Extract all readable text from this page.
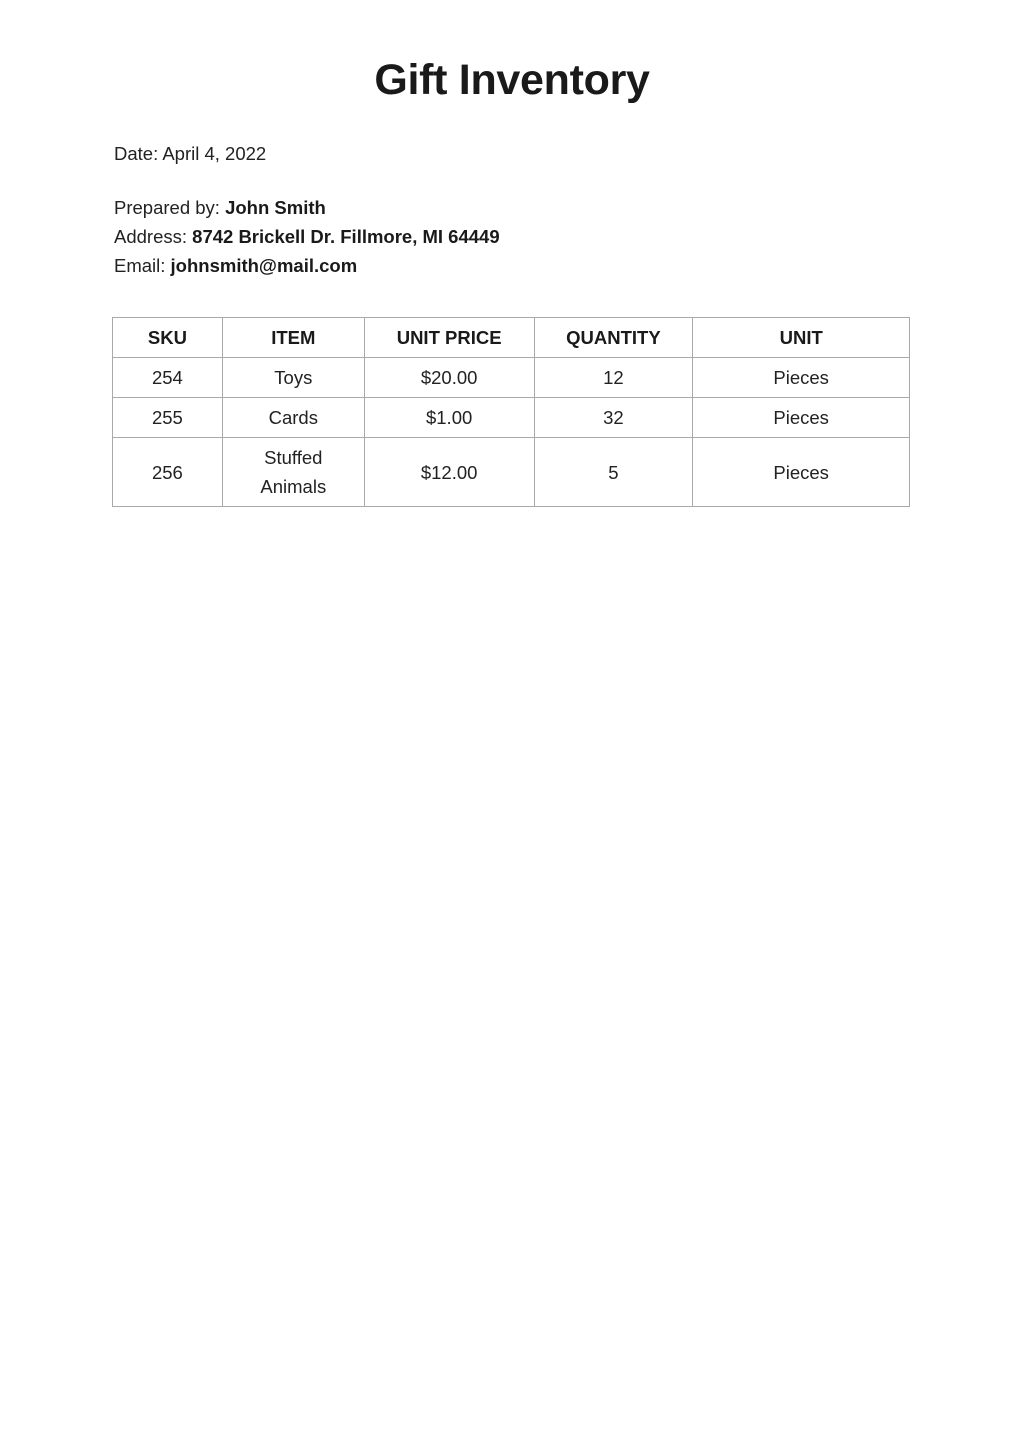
Gift Inventory
Date: April 4, 2022
Prepared by: John Smith
Address: 8742 Brickell Dr. Fillmore, MI 64449
Email: johnsmith@mail.com
SKU	ITEM	UNIT PRICE	QUANTITY	UNIT
254	Toys	$20.00	12	Pieces
255	Cards	$1.00	32	Pieces
256	Stuffed Animals	$12.00	5	Pieces
